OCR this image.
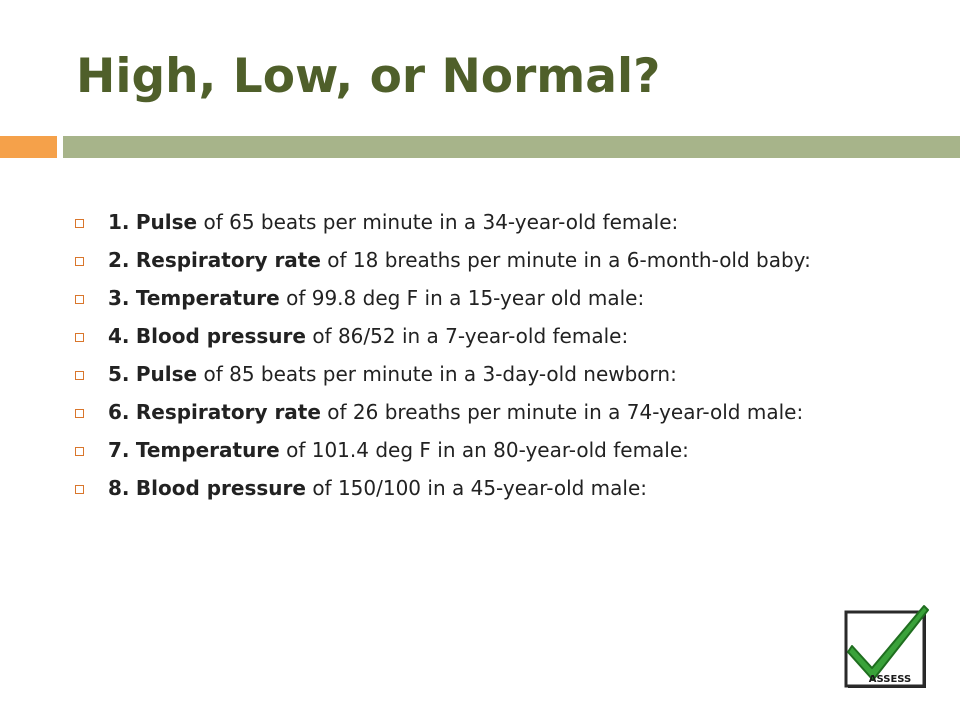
High, Low, or Normal?
1. Pulse of 65 beats per minute in a 34-year-old female:
2. Respiratory rate of 18 breaths per minute in a 6-month-old baby:
3. Temperature of 99.8 deg F in a 15-year old male:
4. Blood pressure of 86/52 in a 7-year-old female:
5. Pulse of 85 beats per minute in a 3-day-old newborn:
6. Respiratory rate of 26 breaths per minute in a 74-year-old male:
7. Temperature of 101.4 deg F in an 80-year-old female:
8. Blood pressure of 150/100 in a 45-year-old male:
ASSESS
